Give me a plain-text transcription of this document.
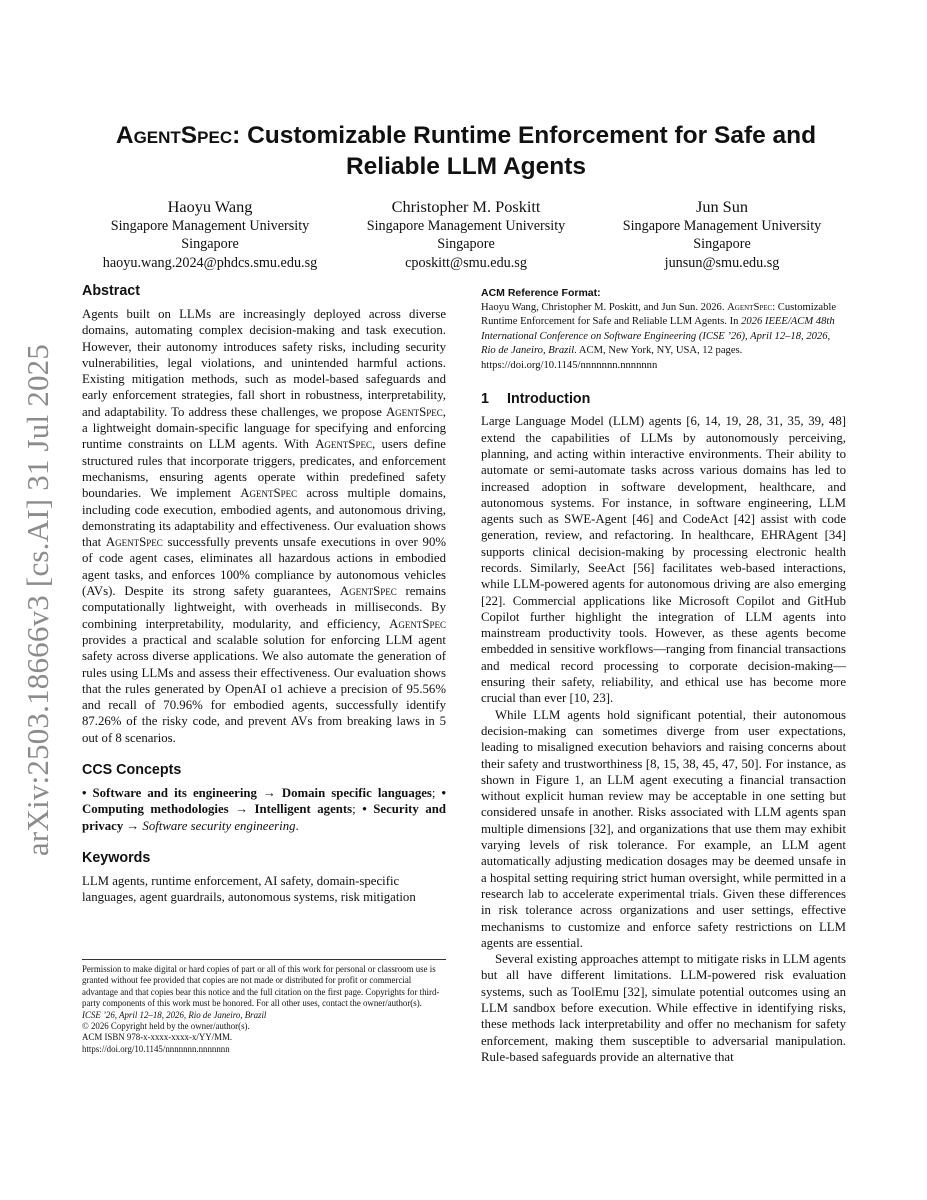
arXiv:2503.18666v3 [cs.AI] 31 Jul 2025
AgentSpec: Customizable Runtime Enforcement for Safe and
Reliable LLM Agents
Haoyu Wang
Singapore Management University
Singapore
haoyu.wang.2024@phdcs.smu.edu.sg
Christopher M. Poskitt
Singapore Management University
Singapore
cposkitt@smu.edu.sg
Jun Sun
Singapore Management University
Singapore
junsun@smu.edu.sg
Abstract

Agents built on LLMs are increasingly deployed across diverse domains, automating complex decision-making and task execution. However, their autonomy introduces safety risks, including security vulnerabilities, legal violations, and unintended harmful actions. Existing mitigation methods, such as model-based safeguards and early enforcement strategies, fall short in robustness, interpretability, and adaptability. To address these challenges, we propose AgentSpec, a lightweight domain-specific language for specifying and enforcing runtime constraints on LLM agents. With AgentSpec, users define structured rules that incorporate triggers, predicates, and enforcement mechanisms, ensuring agents operate within predefined safety boundaries. We implement AgentSpec across multiple domains, including code execution, embodied agents, and autonomous driving, demonstrating its adaptability and effectiveness. Our evaluation shows that AgentSpec successfully prevents unsafe executions in over 90% of code agent cases, eliminates all hazardous actions in embodied agent tasks, and enforces 100% compliance by autonomous vehicles (AVs). Despite its strong safety guarantees, AgentSpec remains computationally lightweight, with overheads in milliseconds. By combining interpretability, modularity, and efficiency, AgentSpec provides a practical and scalable solution for enforcing LLM agent safety across diverse applications. We also automate the generation of rules using LLMs and assess their effectiveness. Our evaluation shows that the rules generated by OpenAI o1 achieve a precision of 95.56% and recall of 70.96% for embodied agents, successfully identify 87.26% of the risky code, and prevent AVs from breaking laws in 5 out of 8 scenarios.

CCS Concepts

• Software and its engineering → Domain specific languages; • Computing methodologies → Intelligent agents; • Security and privacy → Software security engineering.

Keywords

LLM agents, runtime enforcement, AI safety, domain-specific languages, agent guardrails, autonomous systems, risk mitigation

Permission to make digital or hard copies of part or all of this work for personal or classroom use is granted without fee provided that copies are not made or distributed for profit or commercial advantage and that copies bear this notice and the full citation on the first page. Copyrights for third-party components of this work must be honored. For all other uses, contact the owner/author(s).

ICSE ’26, April 12–18, 2026, Rio de Janeiro, Brazil

© 2026 Copyright held by the owner/author(s).

ACM ISBN 978-x-xxxx-xxxx-x/YY/MM.

https://doi.org/10.1145/nnnnnnn.nnnnnnn

ACM Reference Format:

Haoyu Wang, Christopher M. Poskitt, and Jun Sun. 2026. AgentSpec: Customizable Runtime Enforcement for Safe and Reliable LLM Agents. In 2026 IEEE/ACM 48th International Conference on Software Engineering (ICSE ’26), April 12–18, 2026, Rio de Janeiro, Brazil. ACM, New York, NY, USA, 12 pages. https://doi.org/10.1145/nnnnnnn.nnnnnnn

1 Introduction

Large Language Model (LLM) agents [6, 14, 19, 28, 31, 35, 39, 48] extend the capabilities of LLMs by autonomously perceiving, planning, and acting within interactive environments. Their ability to automate or semi-automate tasks across various domains has led to increased adoption in software development, healthcare, and autonomous systems. For instance, in software engineering, LLM agents such as SWE-Agent [46] and CodeAct [42] assist with code generation, review, and refactoring. In healthcare, EHRAgent [34] supports clinical decision-making by processing electronic health records. Similarly, SeeAct [56] facilitates web-based interactions, while LLM-powered agents for autonomous driving are also emerging [22]. Commercial applications like Microsoft Copilot and GitHub Copilot further highlight the integration of LLM agents into mainstream productivity tools. However, as these agents become embedded in sensitive workflows—ranging from financial transactions and medical record processing to corporate decision-making—ensuring their safety, reliability, and ethical use has become more crucial than ever [10, 23].

While LLM agents hold significant potential, their autonomous decision-making can sometimes diverge from user expectations, leading to misaligned execution behaviors and raising concerns about their safety and trustworthiness [8, 15, 38, 45, 47, 50]. For instance, as shown in Figure 1, an LLM agent executing a financial transaction without explicit human review may be acceptable in one setting but considered unsafe in another. Risks associated with LLM agents span multiple dimensions [32], and organizations that use them may exhibit varying levels of risk tolerance. For example, an LLM agent automatically adjusting medication dosages may be deemed unsafe in a hospital setting requiring strict human oversight, while permitted in a research lab to accelerate experimental trials. Given these differences in risk tolerance across organizations and user settings, effective mechanisms to customize and enforce safety restrictions on LLM agents are essential.

Several existing approaches attempt to mitigate risks in LLM agents but all have different limitations. LLM-powered risk evaluation systems, such as ToolEmu [32], simulate potential outcomes using an LLM sandbox before execution. While effective in identifying risks, these methods lack interpretability and offer no mechanism for safety enforcement, making them susceptible to adversarial manipulation. Rule-based safeguards provide an alternative that
